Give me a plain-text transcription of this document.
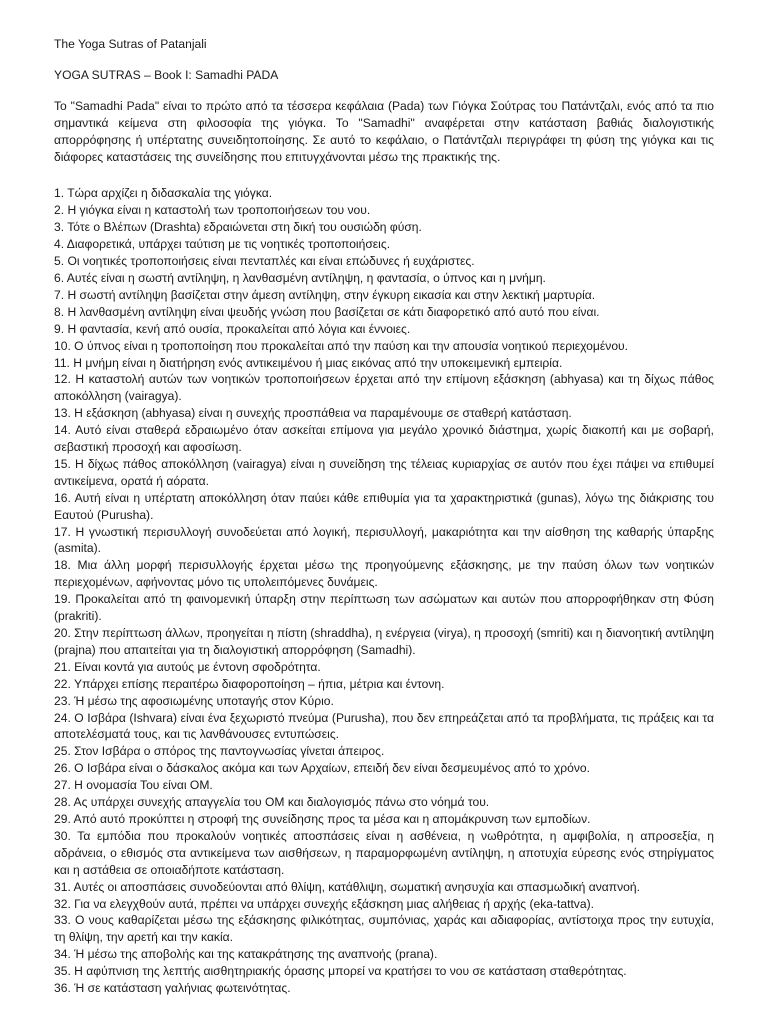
The Yoga Sutras of Patanjali
YOGA SUTRAS – Book I: Samadhi PADA

Το "Samadhi Pada" είναι το πρώτο από τα τέσσερα κεφάλαια (Pada) των Γιόγκα Σούτρας του Πατάντζαλι, ενός από τα πιο σημαντικά κείμενα στη φιλοσοφία της γιόγκα. Το "Samadhi" αναφέρεται στην κατάσταση βαθιάς διαλογιστικής απορρόφησης ή υπέρτατης συνειδητοποίησης. Σε αυτό το κεφάλαιο, ο Πατάντζαλι περιγράφει τη φύση της γιόγκα και τις διάφορες καταστάσεις της συνείδησης που επιτυγχάνονται μέσω της πρακτικής της.

1. Τώρα αρχίζει η διδασκαλία της γιόγκα.

2. Η γιόγκα είναι η καταστολή των τροποποιήσεων του νου.

3. Τότε ο Βλέπων (Drashta) εδραιώνεται στη δική του ουσιώδη φύση.

4. Διαφορετικά, υπάρχει ταύτιση με τις νοητικές τροποποιήσεις.

5. Οι νοητικές τροποποιήσεις είναι πενταπλές και είναι επώδυνες ή ευχάριστες.

6. Αυτές είναι η σωστή αντίληψη, η λανθασμένη αντίληψη, η φαντασία, ο ύπνος και η μνήμη.

7. Η σωστή αντίληψη βασίζεται στην άμεση αντίληψη, στην έγκυρη εικασία και στην λεκτική μαρτυρία.

8. Η λανθασμένη αντίληψη είναι ψευδής γνώση που βασίζεται σε κάτι διαφορετικό από αυτό που είναι.

9. Η φαντασία, κενή από ουσία, προκαλείται από λόγια και έννοιες.

10. Ο ύπνος είναι η τροποποίηση που προκαλείται από την παύση και την απουσία νοητικού περιεχομένου.

11. Η μνήμη είναι η διατήρηση ενός αντικειμένου ή μιας εικόνας από την υποκειμενική εμπειρία.

12. Η καταστολή αυτών των νοητικών τροποποιήσεων έρχεται από την επίμονη εξάσκηση (abhyasa) και τη δίχως πάθος αποκόλληση (vairagya).

13. Η εξάσκηση (abhyasa) είναι η συνεχής προσπάθεια να παραμένουμε σε σταθερή κατάσταση.

14. Αυτό είναι σταθερά εδραιωμένο όταν ασκείται επίμονα για μεγάλο χρονικό διάστημα, χωρίς διακοπή και με σοβαρή, σεβαστική προσοχή και αφοσίωση.

15. Η δίχως πάθος αποκόλληση (vairagya) είναι η συνείδηση της τέλειας κυριαρχίας σε αυτόν που έχει πάψει να επιθυμεί αντικείμενα, ορατά ή αόρατα.

16. Αυτή είναι η υπέρτατη αποκόλληση όταν παύει κάθε επιθυμία για τα χαρακτηριστικά (gunas), λόγω της διάκρισης του Εαυτού (Purusha).

17. Η γνωστική περισυλλογή συνοδεύεται από λογική, περισυλλογή, μακαριότητα και την αίσθηση της καθαρής ύπαρξης (asmita).

18. Μια άλλη μορφή περισυλλογής έρχεται μέσω της προηγούμενης εξάσκησης, με την παύση όλων των νοητικών περιεχομένων, αφήνοντας μόνο τις υπολειπόμενες δυνάμεις.

19. Προκαλείται από τη φαινομενική ύπαρξη στην περίπτωση των ασώματων και αυτών που απορροφήθηκαν στη Φύση (prakriti).

20. Στην περίπτωση άλλων, προηγείται η πίστη (shraddha), η ενέργεια (virya), η προσοχή (smriti) και η διανοητική αντίληψη (prajna) που απαιτείται για τη διαλογιστική απορρόφηση (Samadhi).

21. Είναι κοντά για αυτούς με έντονη σφοδρότητα.

22. Υπάρχει επίσης περαιτέρω διαφοροποίηση – ήπια, μέτρια και έντονη.

23. Ή μέσω της αφοσιωμένης υποταγής στον Κύριο.

24. Ο Ισβάρα (Ishvara) είναι ένα ξεχωριστό πνεύμα (Purusha), που δεν επηρεάζεται από τα προβλήματα, τις πράξεις και τα αποτελέσματά τους, και τις λανθάνουσες εντυπώσεις.

25. Στον Ισβάρα ο σπόρος της παντογνωσίας γίνεται άπειρος.

26. Ο Ισβάρα είναι ο δάσκαλος ακόμα και των Αρχαίων, επειδή δεν είναι δεσμευμένος από το χρόνο.

27. Η ονομασία Του είναι ΟΜ.

28. Ας υπάρχει συνεχής απαγγελία του ΟΜ και διαλογισμός πάνω στο νόημά του.

29. Από αυτό προκύπτει η στροφή της συνείδησης προς τα μέσα και η απομάκρυνση των εμποδίων.

30. Τα εμπόδια που προκαλούν νοητικές αποσπάσεις είναι η ασθένεια, η νωθρότητα, η αμφιβολία, η απροσεξία, η αδράνεια, ο εθισμός στα αντικείμενα των αισθήσεων, η παραμορφωμένη αντίληψη, η αποτυχία εύρεσης ενός στηρίγματος και η αστάθεια σε οποιαδήποτε κατάσταση.

31. Αυτές οι αποσπάσεις συνοδεύονται από θλίψη, κατάθλιψη, σωματική ανησυχία και σπασμωδική αναπνοή.

32. Για να ελεγχθούν αυτά, πρέπει να υπάρχει συνεχής εξάσκηση μιας αλήθειας ή αρχής (eka-tattva).

33. Ο νους καθαρίζεται μέσω της εξάσκησης φιλικότητας, συμπόνιας, χαράς και αδιαφορίας, αντίστοιχα προς την ευτυχία, τη θλίψη, την αρετή και την κακία.

34. Ή μέσω της αποβολής και της κατακράτησης της αναπνοής (prana).

35. Η αφύπνιση της λεπτής αισθητηριακής όρασης μπορεί να κρατήσει το νου σε κατάσταση σταθερότητας.

36. Ή σε κατάσταση γαλήνιας φωτεινότητας.
